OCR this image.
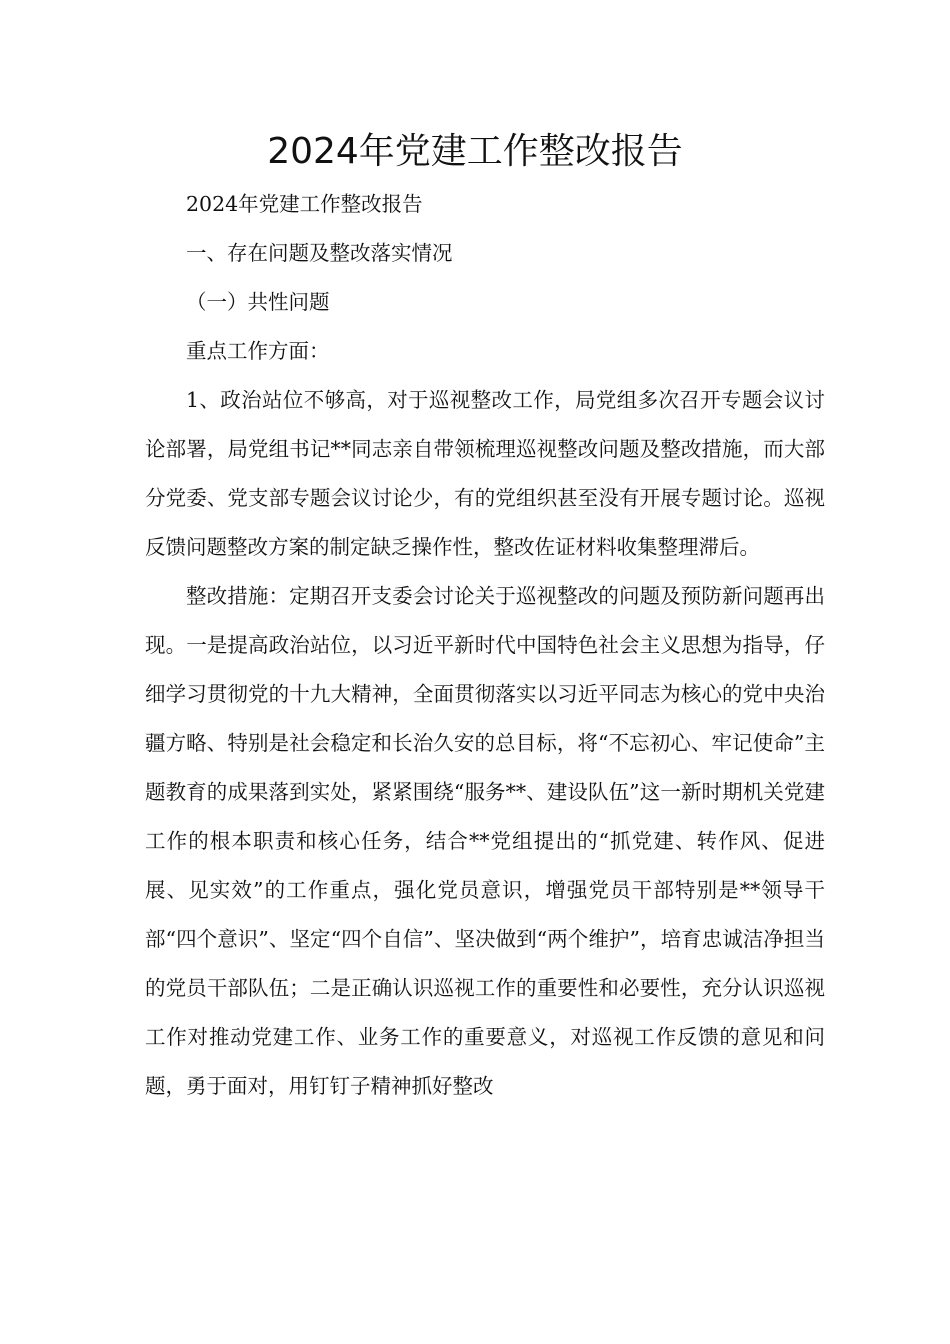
2024年党建工作整改报告

2024年党建工作整改报告

一、存在问题及整改落实情况

（一）共性问题

重点工作方面：

1、政治站位不够高，对于巡视整改工作，局党组多次召开专题会议讨论部署，局党组书记**同志亲自带领梳理巡视整改问题及整改措施，而大部分党委、党支部专题会议讨论少，有的党组织甚至没有开展专题讨论。巡视反馈问题整改方案的制定缺乏操作性，整改佐证材料收集整理滞后。

整改措施：定期召开支委会讨论关于巡视整改的问题及预防新问题再出现。一是提高政治站位，以习近平新时代中国特色社会主义思想为指导，仔细学习贯彻党的十九大精神，全面贯彻落实以习近平同志为核心的党中央治疆方略、特别是社会稳定和长治久安的总目标，将“不忘初心、牢记使命”主题教育的成果落到实处，紧紧围绕“服务**、建设队伍”这一新时期机关党建工作的根本职责和核心任务，结合**党组提出的“抓党建、转作风、促进展、见实效”的工作重点，强化党员意识，增强党员干部特别是**领导干部“四个意识”、坚定“四个自信”、坚决做到“两个维护”，培育忠诚洁净担当的党员干部队伍；二是正确认识巡视工作的重要性和必要性，充分认识巡视工作对推动党建工作、业务工作的重要意义，对巡视工作反馈的意见和问题，勇于面对，用钉钉子精神抓好整改
